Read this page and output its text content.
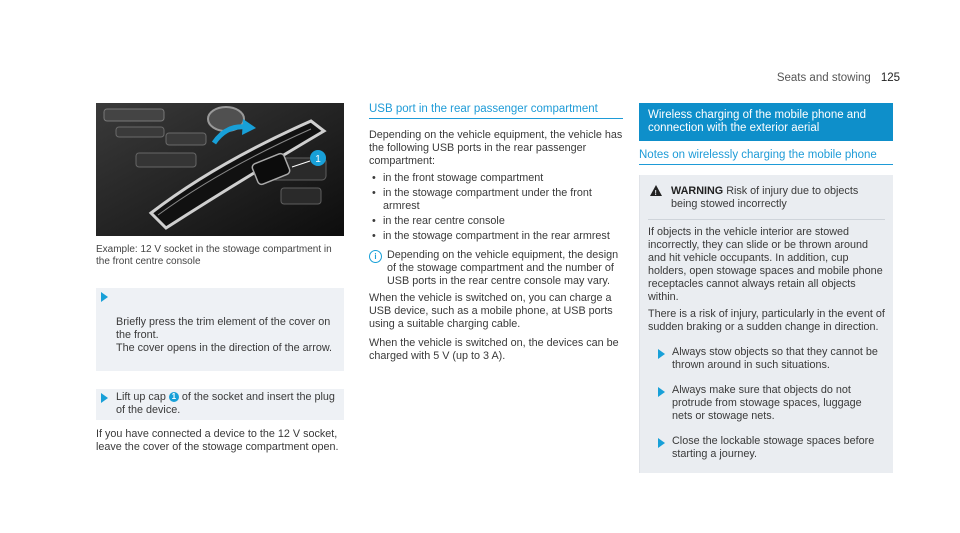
Seats and stowing 125
1
Example: 12 V socket in the stowage compartment in the front centre console

Briefly press the trim element of the cover on the front.
The cover opens in the direction of the arrow.

Lift up cap 1 of the socket and insert the plug of the device.
If you have connected a device to the 12 V socket, leave the cover of the stowage compartment open.
USB port in the rear passenger compartment
Depending on the vehicle equipment, the vehicle has the following USB ports in the rear passenger compartment:
• in the front stowage compartment
• in the stowage compartment under the front armrest
• in the rear centre console
• in the stowage compartment in the rear armrest
i Depending on the vehicle equipment, the design of the stowage compartment and the number of USB ports in the rear centre console may vary.
When the vehicle is switched on, you can charge a USB device, such as a mobile phone, at USB ports using a suitable charging cable.
When the vehicle is switched on, the devices can be charged with 5 V (up to 3 A).
Wireless charging of the mobile phone and connection with the exterior aerial
Notes on wirelessly charging the mobile phone
!
WARNING Risk of injury due to objects being stowed incorrectly
If objects in the vehicle interior are stowed incorrectly, they can slide or be thrown around and hit vehicle occupants. In addition, cup holders, open stowage spaces and mobile phone receptacles cannot always retain all objects within.
There is a risk of injury, particularly in the event of sudden braking or a sudden change in direction.
Always stow objects so that they cannot be thrown around in such situations.
Always make sure that objects do not protrude from stowage spaces, luggage nets or stowage nets.
Close the lockable stowage spaces before starting a journey.
